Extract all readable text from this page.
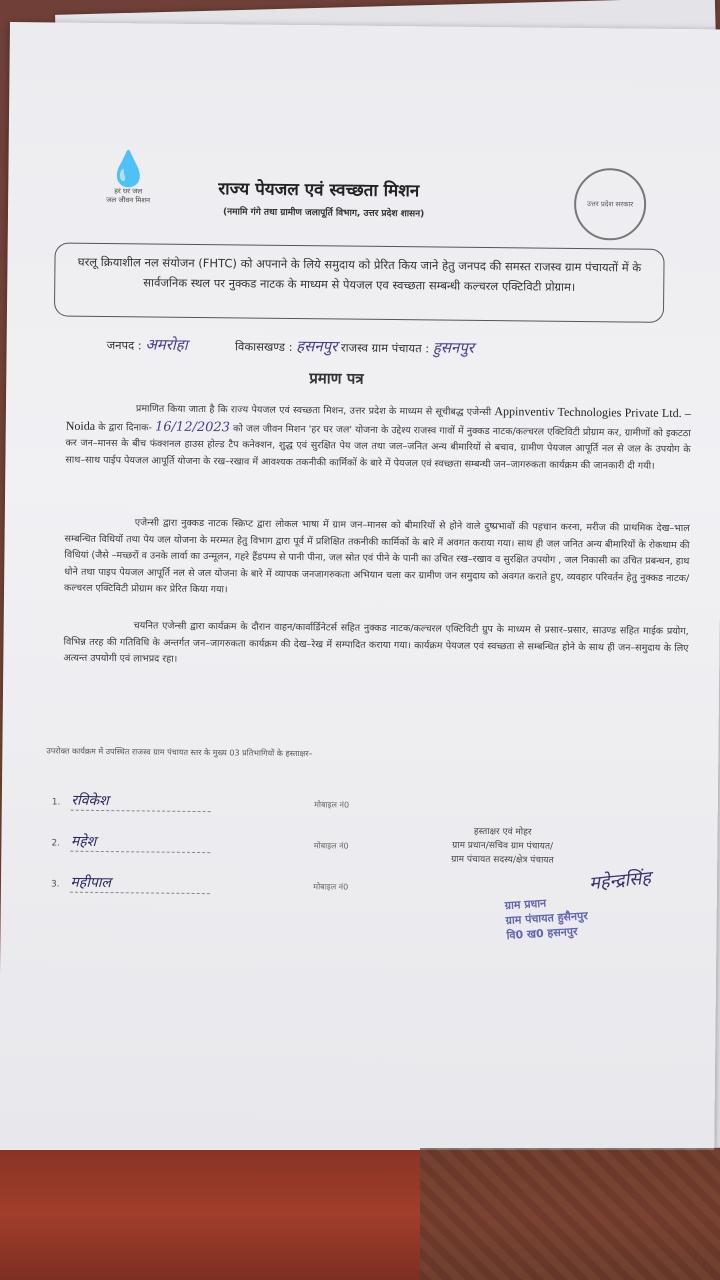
💧
हर घर जल
जल जीवन मिशन	राज्य पेयजल एवं स्वच्छता मिशन
(नमामि गंगे तथा ग्रामीण जलापूर्ति विभाग, उत्तर प्रदेश शासन)
उत्तर प्रदेश सरकार
घरलू क्रियाशील नल संयोजन (FHTC) को अपनाने के लिये समुदाय को प्रेरित किय जाने हेतु जनपद की समस्त राजस्व ग्राम पंचायतों में के सार्वजनिक स्थल पर नुक्कड नाटक के माध्यम से पेयजल एव स्वच्छता सम्बन्धी कल्चरल एक्टिविटी प्रोग्राम।
जनपद : अमरोहा	विकासखण्ड : हसनपुर राजस्व ग्राम पंचायत : हुसनपुर
प्रमाण पत्र
प्रमाणित किया जाता है कि राज्य पेयजल एवं स्वच्छता मिशन, उत्तर प्रदेश के माध्यम से सूचीबद्ध एजेन्सी Appinventiv Technologies Private Ltd. – Noida के द्वारा दिनाक- 16/12/2023 को जल जीवन मिशन 'हर घर जल' योजना के उद्देश्य राजस्व गावों में नुक्कड नाटक/कल्चरल एक्टिविटी प्रोग्राम कर, ग्रामीणों को इकटठा कर जन–मानस के बीच फंक्शनल हाउस होल्ड टैप कनेक्शन, शुद्ध एवं सुरक्षित पेय जल तथा जल–जनित अन्य बीमारियों से बचाव, ग्रामीण पेयजल आपूर्ति नल से जल के उपयोग के साथ–साथ पाईप पेयजल आपूर्ति योजना के रख–रखाव में आवश्यक तकनीकी कार्मिकों के बारे में पेयजल एवं स्वच्छता सम्बन्धी जन–जागरुकता कार्यक्रम की जानकारी दी गयी।
एजेन्सी द्वारा नुक्कड नाटक स्क्रिप्ट द्वारा लोकल भाषा में ग्राम जन–मानस को बीमारियों से होने वाले दुष्प्रभावों की पहचान करना, मरीज की प्राथमिक देख–भाल सम्बन्धित विधियों तथा पेय जल योजना के मरम्मत हेतु विभाग द्वारा पूर्व में प्रशिक्षित तकनीकी कार्मिकों के बारे में अवगत कराया गया। साथ ही जल जनित अन्य बीमारियों के रोकथाम की विधियां (जैसे –मच्छरों व उनके लार्वा का उन्मूलन, गहरे हैंडपम्प से पानी पीना, जल स्रोत एवं पीने के पानी का उचित रख–रखाव व सुरक्षित उपयोग , जल निकासी का उचित प्रबन्धन, हाथ धोने तथा पाइप पेयजल आपूर्ति नल से जल योजना के बारे में व्यापक जनजागरुकता अभियान चला कर ग्रामीण जन समुदाय को अवगत कराते हुए, व्यवहार परिवर्तन हेतु नुक्कड नाटक/कल्चरल एक्टिविटी प्रोग्राम कर प्रेरित किया गया।
चयनित एजेन्सी द्वारा कार्यक्रम के दौरान वाहन/कार्वार्डिनेटर्स सहित नुक्कड नाटक/कल्चरल एक्टिविटी ग्रुप के माध्यम से प्रसार–प्रसार, साउण्ड सहित माईक प्रयोग, विभिन्न तरह की गतिविधि के अन्तर्गत जन–जागरुकता कार्यक्रम की देख–रेख में सम्पादित कराया गया। कार्यक्रम पेयजल एवं स्वच्छता से सम्बन्धित होने के साथ ही जन–समुदाय के लिए अत्यन्त उपयोगी एवं लाभप्रद रहा।
उपरोक्त कार्यक्रम में उपस्थित राजस्व ग्राम पंचायत स्तर के मुख्य 03 प्रतिभागियों के हस्ताक्षर–
1. रविकेश	मोबाइल नं0
2. महेश	मोबाइल नं0
3. महीपाल	मोबाइल नं0
हस्ताक्षर एवं मोहर
ग्राम प्रधान/सचिव ग्राम पंचायत/
ग्राम पंचायत सदस्य/क्षेत्र पंचायत
महेन्द्रसिंह
ग्राम प्रधान
ग्राम पंचायत हुसैनपुर
वि0 ख0 हसनपुर
